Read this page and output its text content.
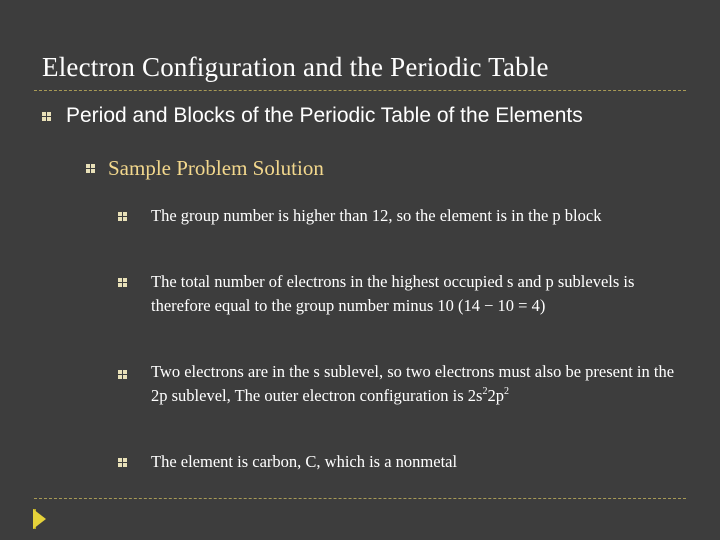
Electron Configuration and the Periodic Table
Period and Blocks of the Periodic Table of the Elements
Sample Problem Solution
The group number is higher than 12, so the element is in the p block
The total number of electrons in the highest occupied s and p sublevels is therefore equal to the group number minus 10 (14 − 10 = 4)
Two electrons are in the s sublevel, so two electrons must also be present in the 2p sublevel, The outer electron configuration is $2s^22p^2$
The element is carbon, C, which is a nonmetal
